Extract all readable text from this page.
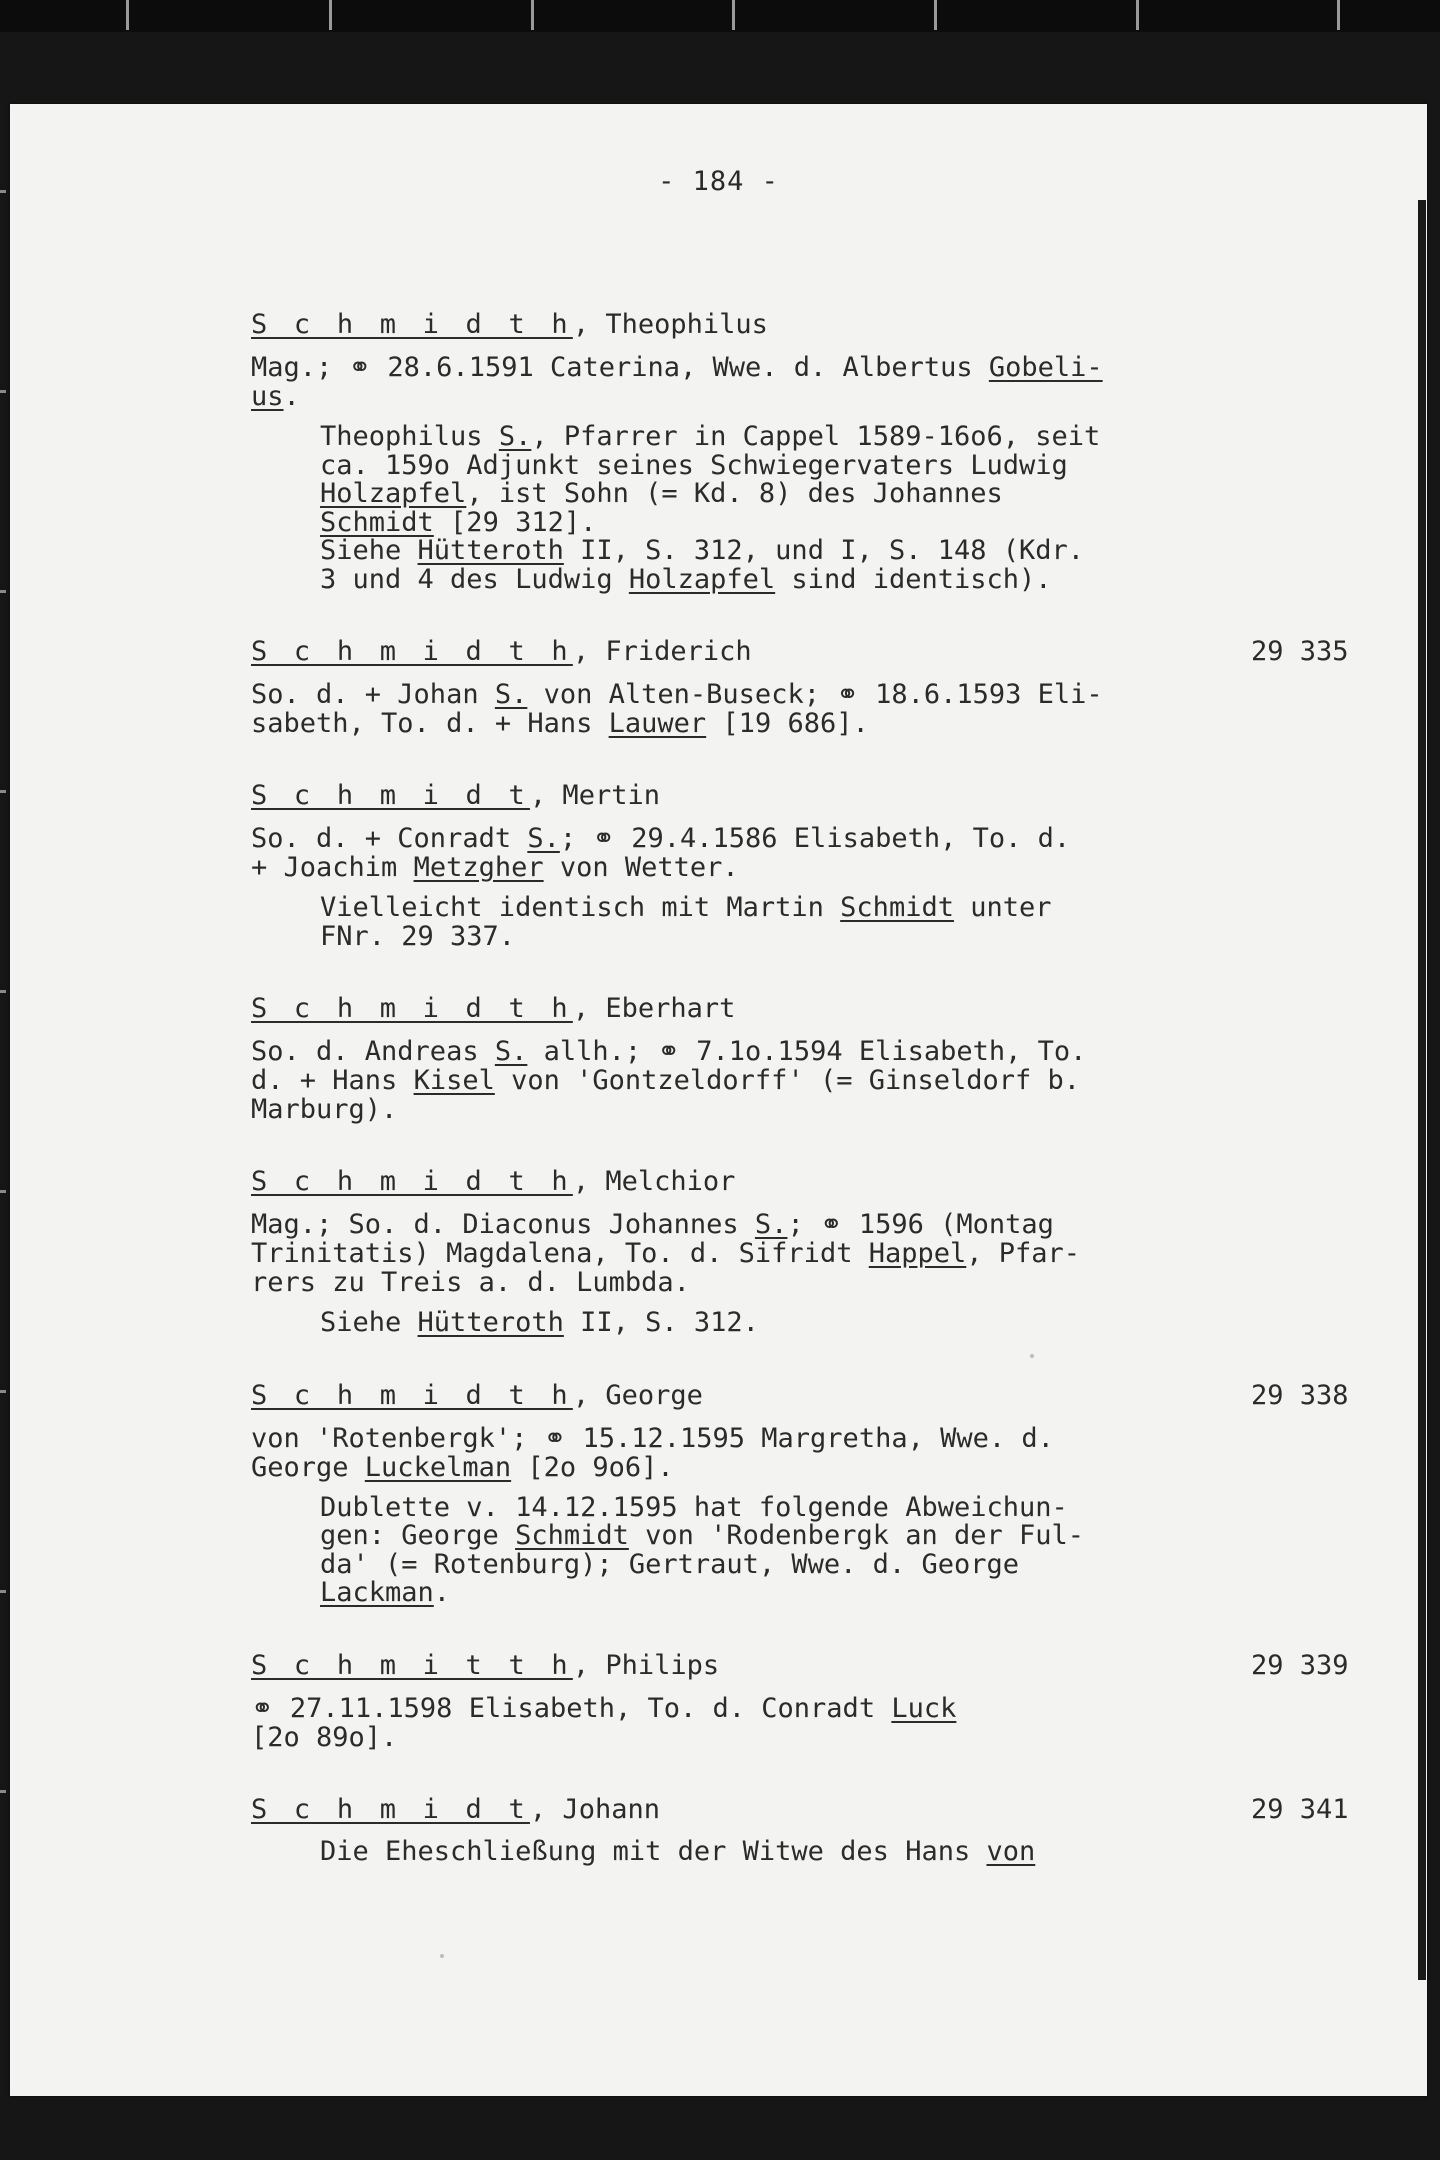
- 184 -
S c h m i d t h, Theophilus
Mag.; ⚭ 28.6.1591 Caterina, Wwe. d. Albertus Gobeli-
us.
Theophilus S., Pfarrer in Cappel 1589-16o6, seit
ca. 159o Adjunkt seines Schwiegervaters Ludwig
Holzapfel, ist Sohn (= Kd. 8) des Johannes
Schmidt [29 312].
Siehe Hütteroth II, S. 312, und I, S. 148 (Kdr.
3 und 4 des Ludwig Holzapfel sind identisch).
S c h m i d t h, Friderich	29 335
So. d. + Johan S. von Alten-Buseck; ⚭ 18.6.1593 Eli-
sabeth, To. d. + Hans Lauwer [19 686].
S c h m i d t, Mertin
So. d. + Conradt S.; ⚭ 29.4.1586 Elisabeth, To. d.
+ Joachim Metzgher von Wetter.
Vielleicht identisch mit Martin Schmidt unter
FNr. 29 337.
S c h m i d t h, Eberhart
So. d. Andreas S. allh.; ⚭ 7.1o.1594 Elisabeth, To.
d. + Hans Kisel von 'Gontzeldorff' (= Ginseldorf b.
Marburg).
S c h m i d t h, Melchior
Mag.; So. d. Diaconus Johannes S.; ⚭ 1596 (Montag
Trinitatis) Magdalena, To. d. Sifridt Happel, Pfar-
rers zu Treis a. d. Lumbda.
Siehe Hütteroth II, S. 312.
S c h m i d t h, George	29 338
von 'Rotenbergk'; ⚭ 15.12.1595 Margretha, Wwe. d.
George Luckelman [2o 9o6].
Dublette v. 14.12.1595 hat folgende Abweichun-
gen: George Schmidt von 'Rodenbergk an der Ful-
da' (= Rotenburg); Gertraut, Wwe. d. George
Lackman.
S c h m i t t h, Philips	29 339
⚭ 27.11.1598 Elisabeth, To. d. Conradt Luck
[2o 89o].
S c h m i d t, Johann	29 341
Die Eheschließung mit der Witwe des Hans von
